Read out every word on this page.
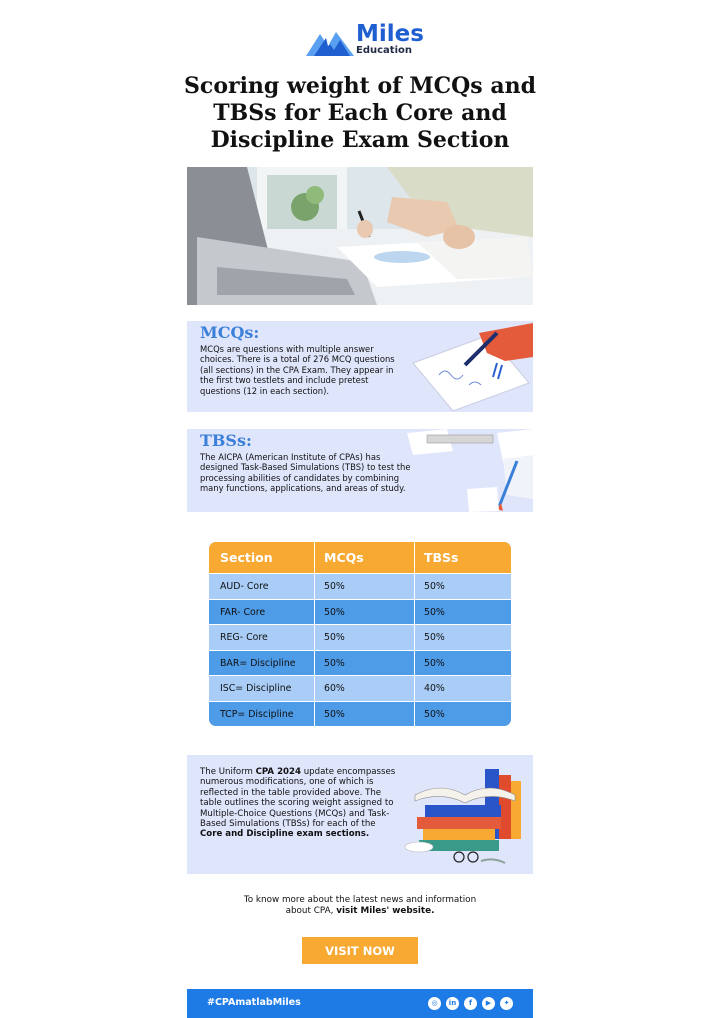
Miles
Education
Scoring weight of MCQs and
TBSs for Each Core and
Discipline Exam Section
MCQs:
MCQs are questions with multiple answer choices. There is a total of 276 MCQ questions (all sections) in the CPA Exam. They appear in the first two testlets and include pretest questions (12 in each section).
TBSs:
The AICPA (American Institute of CPAs) has designed Task-Based Simulations (TBS) to test the processing abilities of candidates by combining many functions, applications, and areas of study.
Section	MCQs	TBSs
AUD- Core	50%	50%
FAR- Core	50%	50%
REG- Core	50%	50%
BAR= Discipline	50%	50%
ISC= Discipline	60%	40%
TCP= Discipline	50%	50%
The Uniform CPA 2024 update encompasses numerous modifications, one of which is reflected in the table provided above. The table outlines the scoring weight assigned to Multiple-Choice Questions (MCQs) and Task-Based Simulations (TBSs) for each of the Core and Discipline exam sections.
To know more about the latest news and information about CPA, visit Miles' website.
VISIT NOW
#CPAmatlabMiles	◎	in	f	▶	✦
